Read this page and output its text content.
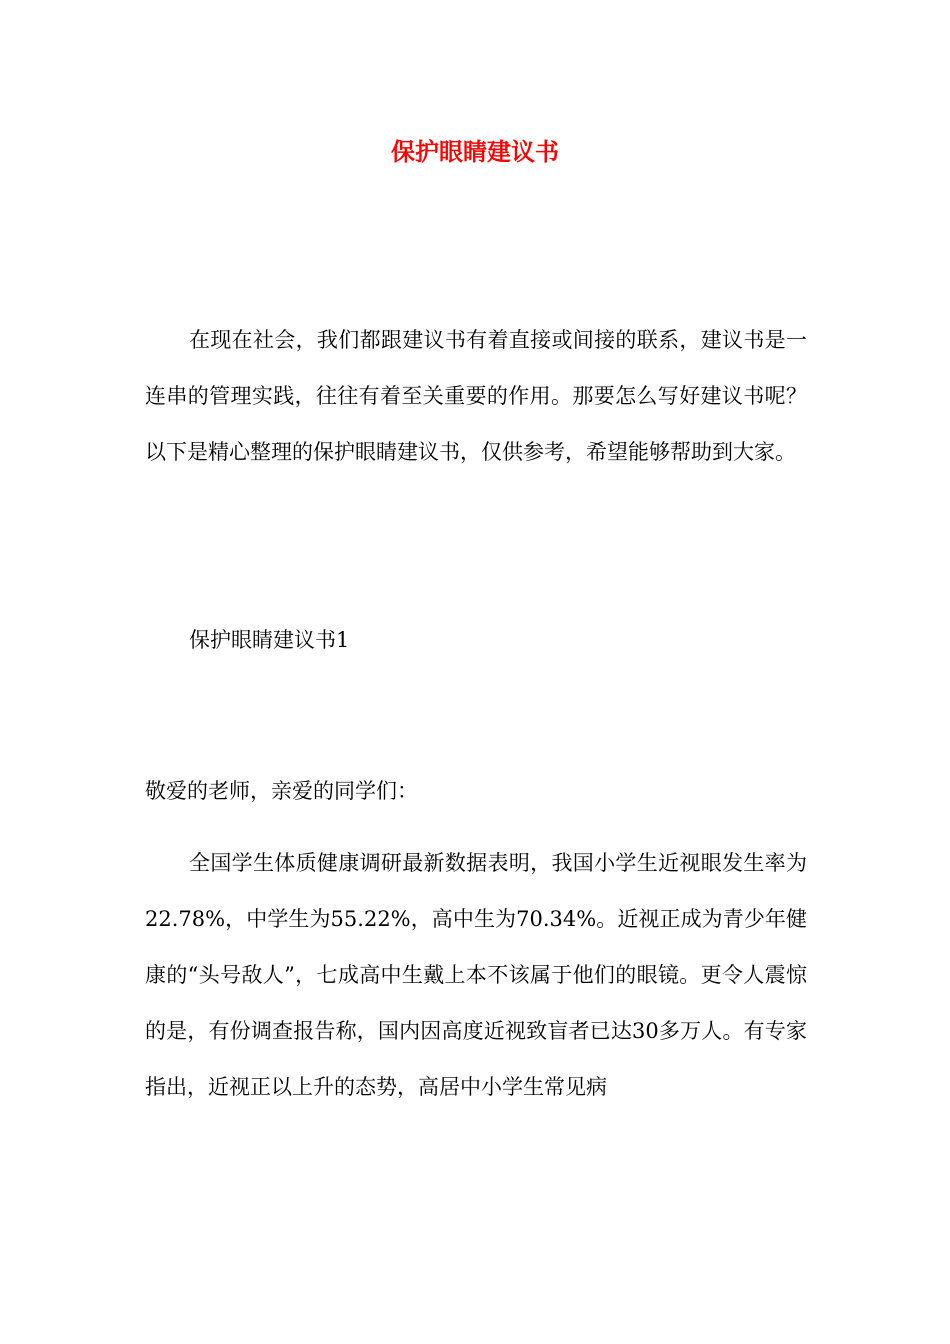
保护眼睛建议书

在现在社会，我们都跟建议书有着直接或间接的联系，建议书是一连串的管理实践，往往有着至关重要的作用。那要怎么写好建议书呢？以下是精心整理的保护眼睛建议书，仅供参考，希望能够帮助到大家。

保护眼睛建议书1

敬爱的老师，亲爱的同学们：

全国学生体质健康调研最新数据表明，我国小学生近视眼发生率为22.78%，中学生为55.22%，高中生为70.34%。近视正成为青少年健康的“头号敌人”，七成高中生戴上本不该属于他们的眼镜。更令人震惊的是，有份调查报告称，国内因高度近视致盲者已达30多万人。有专家指出，近视正以上升的态势，高居中小学生常见病
